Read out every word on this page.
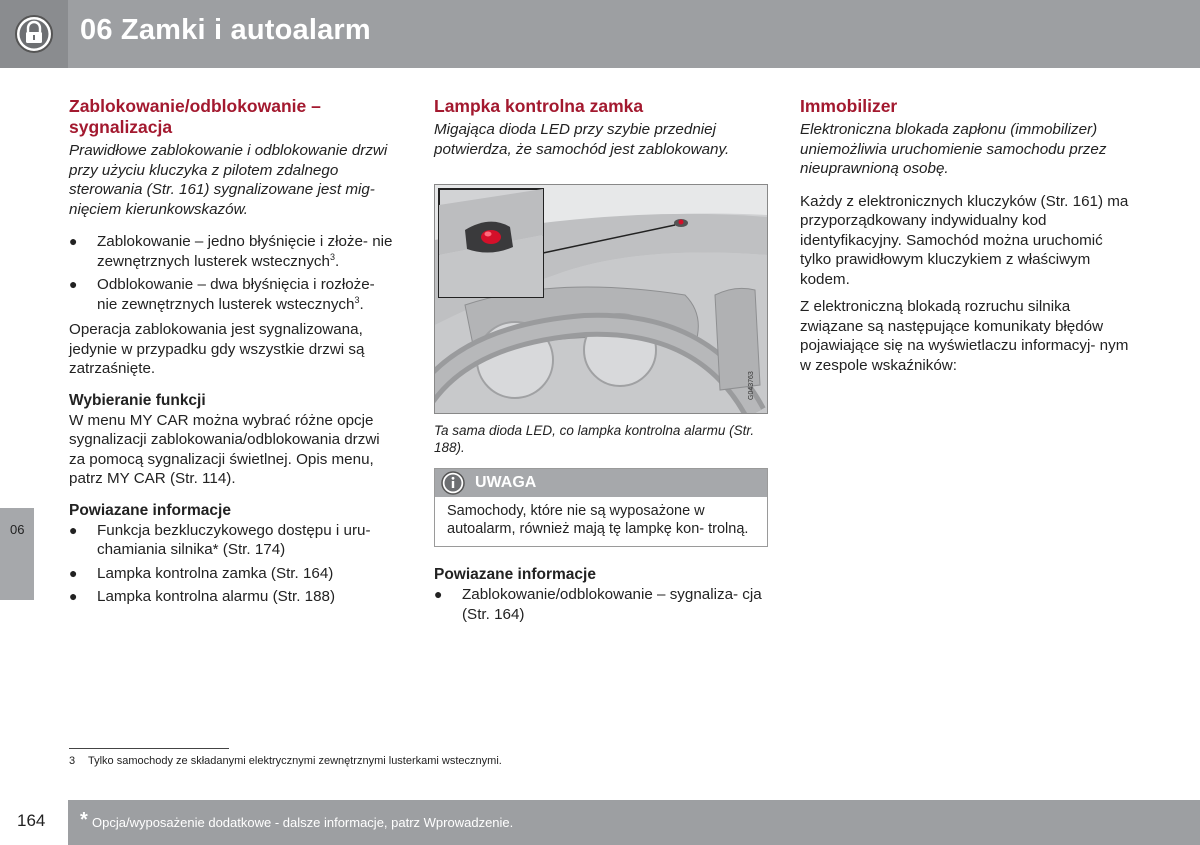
06 Zamki i autoalarm
06
Zablokowanie/odblokowanie – sygnalizacja

Prawidłowe zablokowanie i odblokowanie drzwi przy użyciu kluczyka z pilotem zdalnego sterowania (Str. 161) sygnalizowane jest mig- nięciem kierunkowskazów.

● Zablokowanie – jedno błyśnięcie i złoże- nie zewnętrznych lusterek wstecznych$^3$.
● Odblokowanie – dwa błyśnięcia i rozłoże- nie zewnętrznych lusterek wstecznych$^3$.

Operacja zablokowania jest sygnalizowana, jedynie w przypadku gdy wszystkie drzwi są zatrzaśnięte.

Wybieranie funkcji

W menu MY CAR można wybrać różne opcje sygnalizacji zablokowania/odblokowania drzwi za pomocą sygnalizacji świetlnej. Opis menu, patrz MY CAR (Str. 114).

Powiazane informacje
● Funkcja bezkluczykowego dostępu i uru- chamiania silnika* (Str. 174)
● Lampka kontrolna zamka (Str. 164)
● Lampka kontrolna alarmu (Str. 188)
Lampka kontrolna zamka

Migająca dioda LED przy szybie przedniej potwierdza, że samochód jest zablokowany.

G043763

Ta sama dioda LED, co lampka kontrolna alarmu (Str. 188).

UWAGA
Samochody, które nie są wyposażone w autoalarm, również mają tę lampkę kon- trolną.
Powiazane informacje
● Zablokowanie/odblokowanie – sygnaliza- cja (Str. 164)
Immobilizer

Elektroniczna blokada zapłonu (immobilizer) uniemożliwia uruchomienie samochodu przez nieuprawnioną osobę.

Każdy z elektronicznych kluczyków (Str. 161) ma przyporządkowany indywidualny kod identyfikacyjny. Samochód można uruchomić tylko prawidłowym kluczykiem z właściwym kodem.

Z elektroniczną blokadą rozruchu silnika związane są następujące komunikaty błędów pojawiające się na wyświetlaczu informacyj- nym w zespole wskaźników:

3 Tylko samochody ze składanymi elektrycznymi zewnętrznymi lusterkami wstecznymi.
164 * Opcja/wyposażenie dodatkowe - dalsze informacje, patrz Wprowadzenie.
